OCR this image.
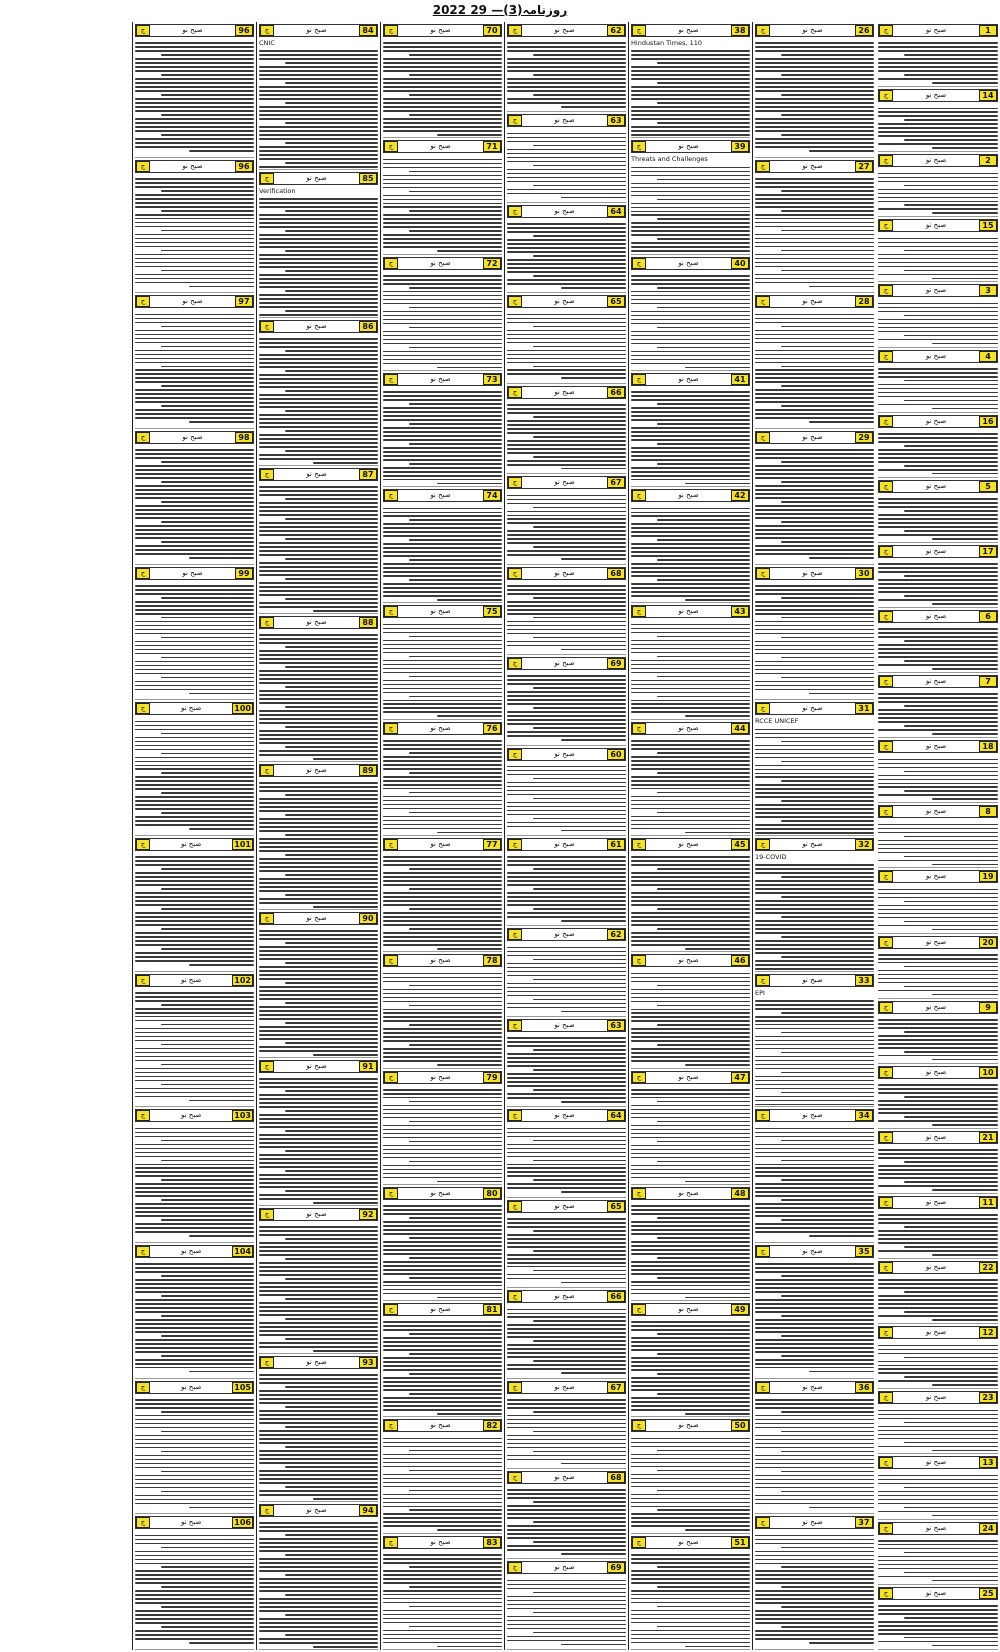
روزنامہ(3)— 29 2022
ج	صبح نو	1
ج	صبح نو	14
ج	صبح نو	2
ج	صبح نو	15
ج	صبح نو	3
ج	صبح نو	4
ج	صبح نو	16
ج	صبح نو	5
ج	صبح نو	17
ج	صبح نو	6
ج	صبح نو	7
ج	صبح نو	18
ج	صبح نو	8
ج	صبح نو	19
ج	صبح نو	20
ج	صبح نو	9
ج	صبح نو	10
ج	صبح نو	21
ج	صبح نو	11
ج	صبح نو	22
ج	صبح نو	12
ج	صبح نو	23
ج	صبح نو	13
ج	صبح نو	24
ج	صبح نو	25
ج	صبح نو	26
ج	صبح نو	27
ج	صبح نو	28
ج	صبح نو	29
ج	صبح نو	30
ج	صبح نو	31
RCCE UNICEF
ج	صبح نو	32
19-COVID
ج	صبح نو	33
EPI
ج	صبح نو	34
ج	صبح نو	35
ج	صبح نو	36
ج	صبح نو	37
ج	صبح نو	38
Hindustan Times, 110
ج	صبح نو	39
Threats and Challenges
ج	صبح نو	40
ج	صبح نو	41
ج	صبح نو	42
ج	صبح نو	43
ج	صبح نو	44
ج	صبح نو	45
ج	صبح نو	46
ج	صبح نو	47
ج	صبح نو	48
ج	صبح نو	49
ج	صبح نو	50
ج	صبح نو	51
ج	صبح نو	62
ج	صبح نو	63
ج	صبح نو	64
ج	صبح نو	65
ج	صبح نو	66
ج	صبح نو	67
ج	صبح نو	68
ج	صبح نو	69
ج	صبح نو	60
ج	صبح نو	61
ج	صبح نو	62
ج	صبح نو	63
ج	صبح نو	64
ج	صبح نو	65
ج	صبح نو	66
ج	صبح نو	67
ج	صبح نو	68
ج	صبح نو	69
ج	صبح نو	70
ج	صبح نو	71
ج	صبح نو	72
ج	صبح نو	73
ج	صبح نو	74
ج	صبح نو	75
ج	صبح نو	76
ج	صبح نو	77
ج	صبح نو	78
ج	صبح نو	79
ج	صبح نو	80
ج	صبح نو	81
ج	صبح نو	82
ج	صبح نو	83
ج	صبح نو	84
CNIC
ج	صبح نو	85
Verification
ج	صبح نو	86
ج	صبح نو	87
ج	صبح نو	88
ج	صبح نو	89
ج	صبح نو	90
ج	صبح نو	91
ج	صبح نو	92
ج	صبح نو	93
ج	صبح نو	94
ج	صبح نو	96
ج	صبح نو	96
ج	صبح نو	97
ج	صبح نو	98
ج	صبح نو	99
ج	صبح نو	100
ج	صبح نو	101
ج	صبح نو	102
ج	صبح نو	103
ج	صبح نو	104
ج	صبح نو	105
ج	صبح نو	106
